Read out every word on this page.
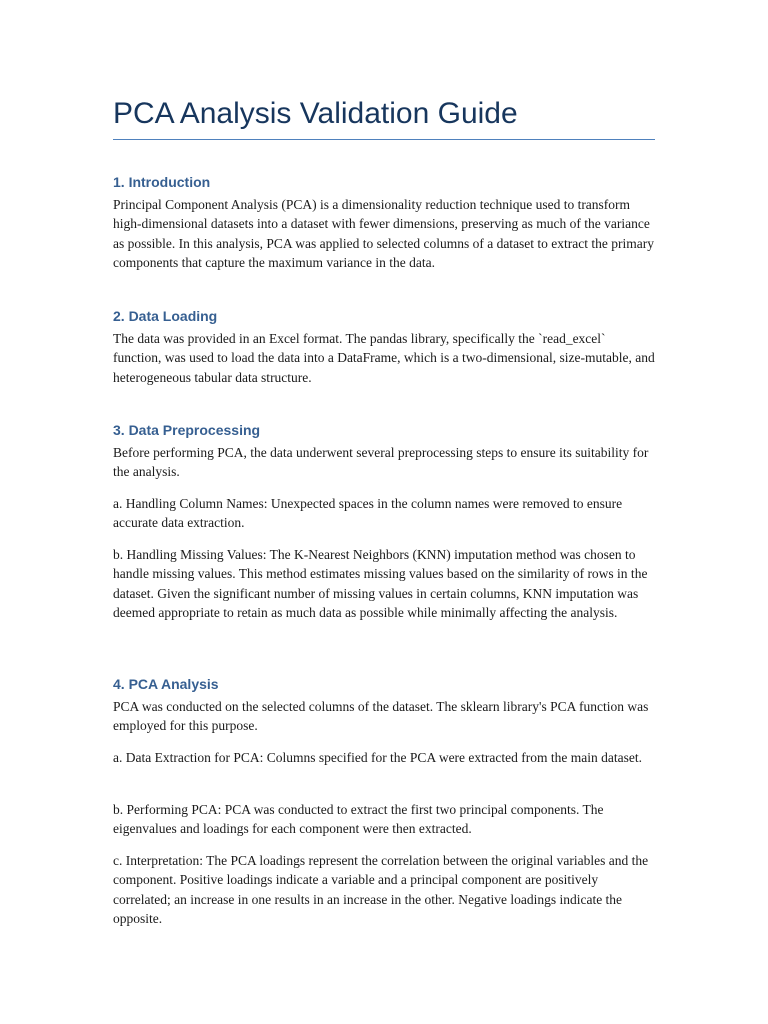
PCA Analysis Validation Guide
1. Introduction

Principal Component Analysis (PCA) is a dimensionality reduction technique used to transform high-dimensional datasets into a dataset with fewer dimensions, preserving as much of the variance as possible. In this analysis, PCA was applied to selected columns of a dataset to extract the primary components that capture the maximum variance in the data.

2. Data Loading

The data was provided in an Excel format. The pandas library, specifically the `read_excel` function, was used to load the data into a DataFrame, which is a two-dimensional, size-mutable, and heterogeneous tabular data structure.

3. Data Preprocessing

Before performing PCA, the data underwent several preprocessing steps to ensure its suitability for the analysis.

a. Handling Column Names: Unexpected spaces in the column names were removed to ensure accurate data extraction.

b. Handling Missing Values: The K-Nearest Neighbors (KNN) imputation method was chosen to handle missing values. This method estimates missing values based on the similarity of rows in the dataset. Given the significant number of missing values in certain columns, KNN imputation was deemed appropriate to retain as much data as possible while minimally affecting the analysis.

4. PCA Analysis

PCA was conducted on the selected columns of the dataset. The sklearn library's PCA function was employed for this purpose.

a. Data Extraction for PCA: Columns specified for the PCA were extracted from the main dataset.

b. Performing PCA: PCA was conducted to extract the first two principal components. The eigenvalues and loadings for each component were then extracted.

c. Interpretation: The PCA loadings represent the correlation between the original variables and the component. Positive loadings indicate a variable and a principal component are positively correlated; an increase in one results in an increase in the other. Negative loadings indicate the opposite.
